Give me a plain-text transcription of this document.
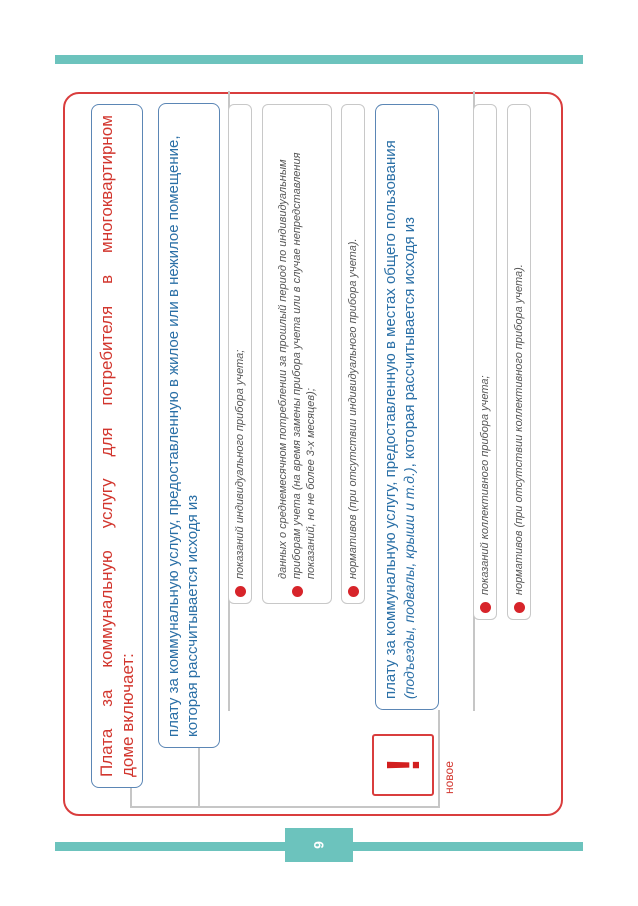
6
Плата
за
коммунальную
услугу
для
потребителя
в
многоквартирном
доме включает:	плату за коммунальную услугу, предоставленную в жилое или в нежилое помещение, которая рассчитывается исходя из
показаний индивидуального прибора учета;	данных о среднемесячном потреблении за прошлый период по индивидуальным приборам учета (на время замены прибора учета или в случае непредставления показаний, но не более 3-х месяцев);	нормативов (при отсутствии индивидуального прибора учета).	плату за коммунальную услугу, предоставленную в местах общего пользования (подъезды, подвалы, крыши и т.д.), которая рассчитывается исходя из
показаний коллективного прибора учета; нормативов (при отсутствии коллективного прибора учета).
! новое
